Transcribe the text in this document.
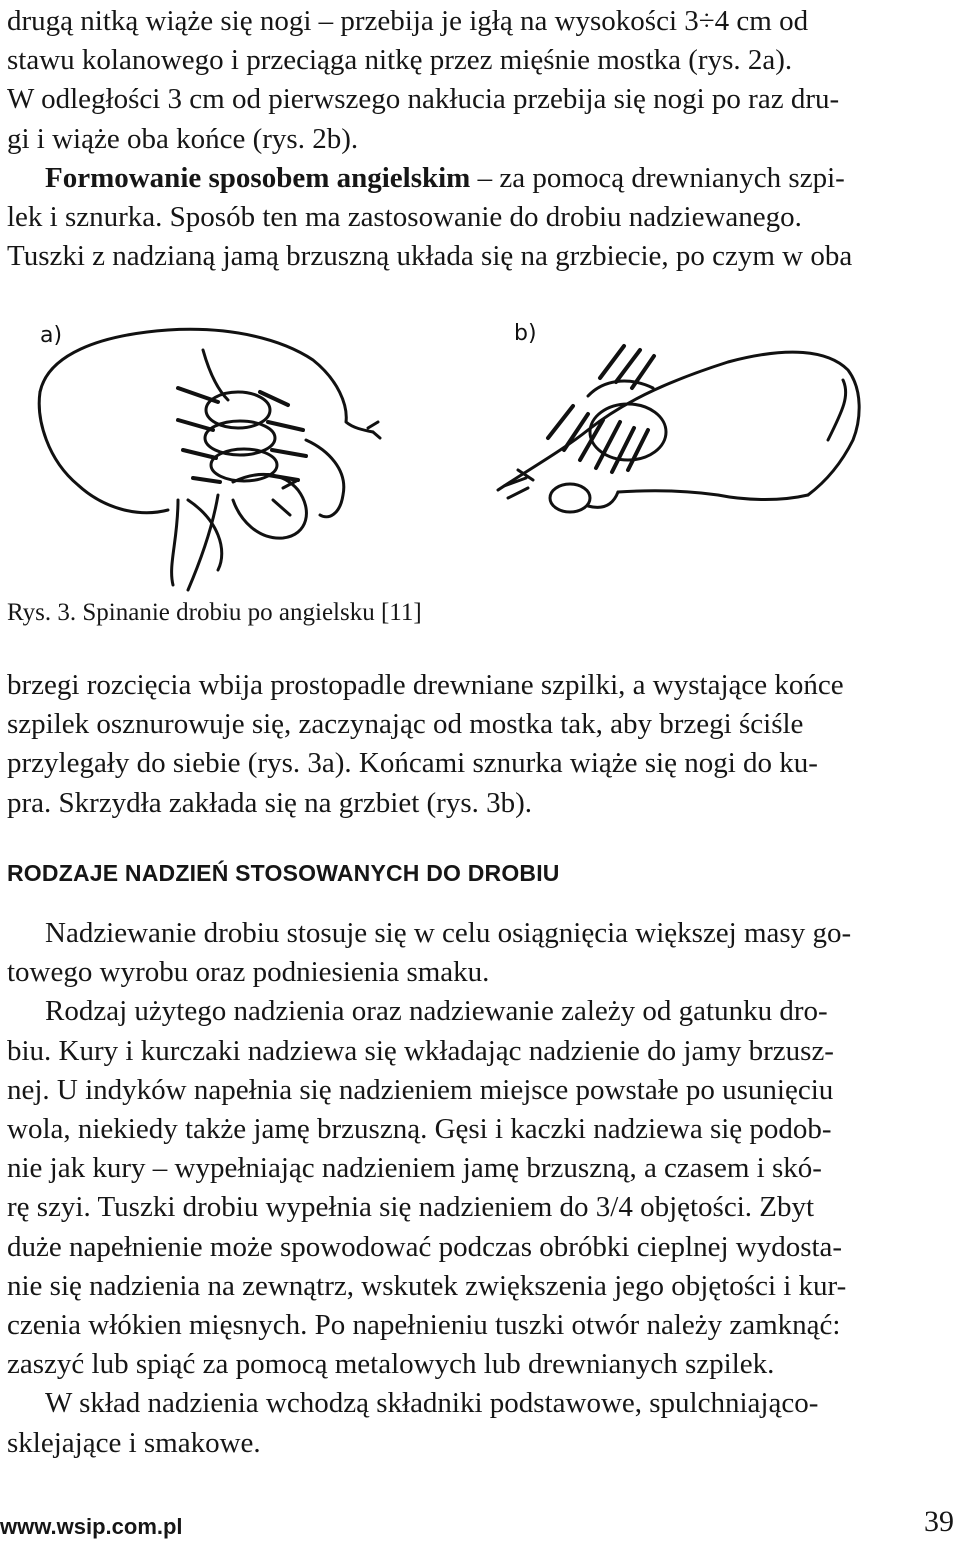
drugą nitką wiąże się nogi – przebija je igłą na wysokości 3÷4 cm od
stawu kolanowego i przeciąga nitkę przez mięśnie mostka (rys. 2a).
W odległości 3 cm od pierwszego nakłucia przebija się nogi po raz dru-
gi i wiąże oba końce (rys. 2b).
Formowanie sposobem angielskim – za pomocą drewnianych szpi-
lek i sznurka. Sposób ten ma zastosowanie do drobiu nadziewanego.
Tuszki z nadzianą jamą brzuszną układa się na grzbiecie, po czym w oba
a)	b)
Rys. 3. Spinanie drobiu po angielsku [11]
brzegi rozcięcia wbija prostopadle drewniane szpilki, a wystające końce
szpilek osznurowuje się, zaczynając od mostka tak, aby brzegi ściśle
przylegały do siebie (rys. 3a). Końcami sznurka wiąże się nogi do ku-
pra. Skrzydła zakłada się na grzbiet (rys. 3b).
RODZAJE NADZIEŃ STOSOWANYCH DO DROBIU
Nadziewanie drobiu stosuje się w celu osiągnięcia większej masy go-
towego wyrobu oraz podniesienia smaku.
Rodzaj użytego nadzienia oraz nadziewanie zależy od gatunku dro-
biu. Kury i kurczaki nadziewa się wkładając nadzienie do jamy brzusz-
nej. U indyków napełnia się nadzieniem miejsce powstałe po usunięciu
wola, niekiedy także jamę brzuszną. Gęsi i kaczki nadziewa się podob-
nie jak kury – wypełniając nadzieniem jamę brzuszną, a czasem i skó-
rę szyi. Tuszki drobiu wypełnia się nadzieniem do 3/4 objętości. Zbyt
duże napełnienie może spowodować podczas obróbki cieplnej wydosta-
nie się nadzienia na zewnątrz, wskutek zwiększenia jego objętości i kur-
czenia włókien mięsnych. Po napełnieniu tuszki otwór należy zamknąć:
zaszyć lub spiąć za pomocą metalowych lub drewnianych szpilek.
W skład nadzienia wchodzą składniki podstawowe, spulchniająco-
sklejające i smakowe.
www.wsip.com.pl	39
